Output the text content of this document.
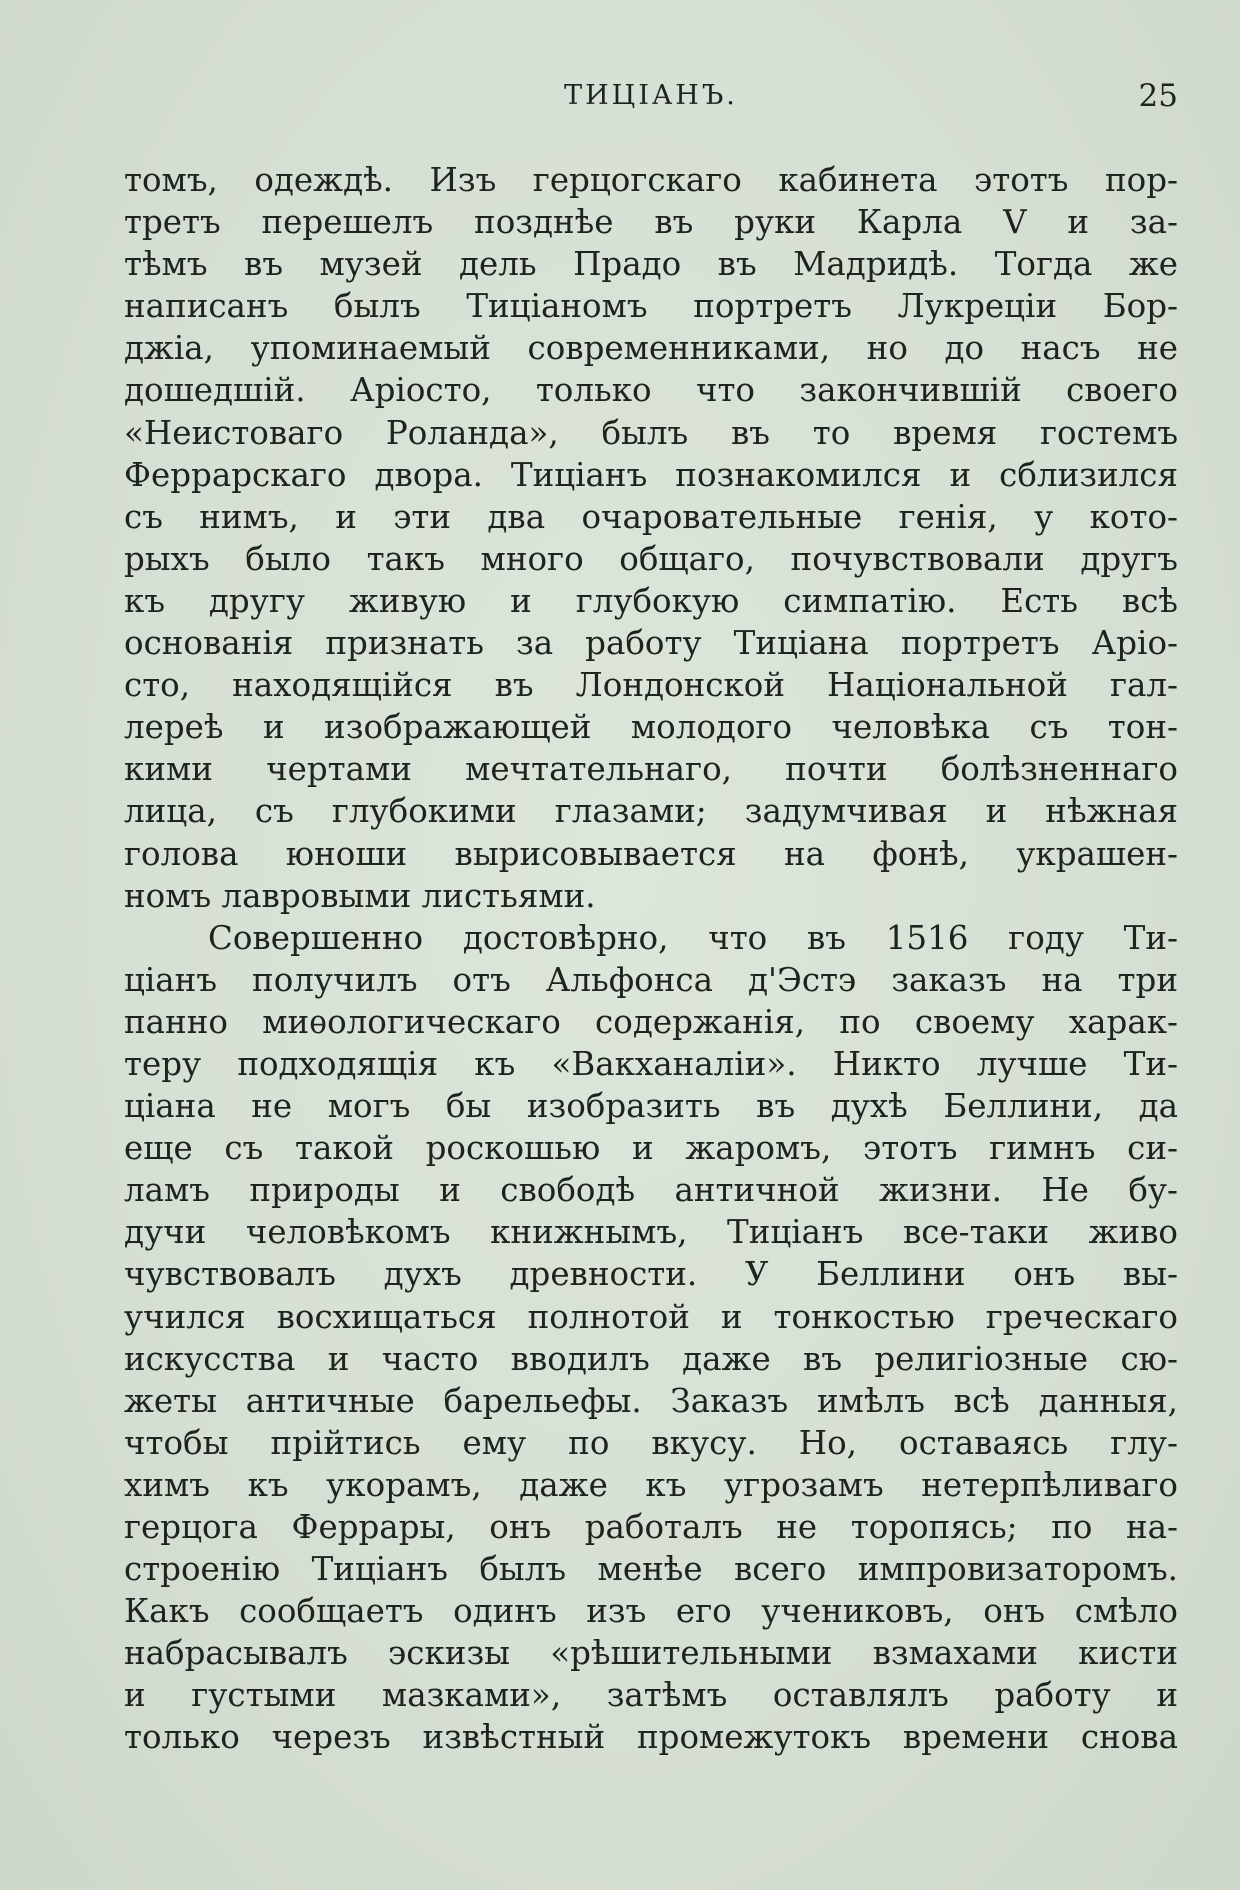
ТИЦІАНЪ.	25
томъ, одеждѣ. Изъ герцогскаго кабинета этотъ пор-
третъ перешелъ позднѣе въ руки Карла V и за-
тѣмъ въ музей дель Прадо въ Мадридѣ. Тогда же
написанъ былъ Тиціаномъ портретъ Лукреціи Бор-
джіа, упоминаемый современниками, но до насъ не
дошедшій. Аріосто, только что закончившій своего
«Неистоваго Роланда», былъ въ то время гостемъ
Феррарскаго двора. Тиціанъ познакомился и сблизился
съ нимъ, и эти два очаровательные генія, у кото-
рыхъ было такъ много общаго, почувствовали другъ
къ другу живую и глубокую симпатію. Есть всѣ
основанія признать за работу Тиціана портретъ Аріо-
сто, находящійся въ Лондонской Національной гал-
лереѣ и изображающей молодого человѣка съ тон-
кими чертами мечтательнаго, почти болѣзненнаго
лица, съ глубокими глазами; задумчивая и нѣжная
голова юноши вырисовывается на фонѣ, украшен-
номъ лавровыми листьями.
Совершенно достовѣрно, что въ 1516 году Ти-
ціанъ получилъ отъ Альфонса д'Эстэ заказъ на три
панно миѳологическаго содержанія, по своему харак-
теру подходящія къ «Вакханаліи». Никто лучше Ти-
ціана не могъ бы изобразить въ духѣ Беллини, да
еще съ такой роскошью и жаромъ, этотъ гимнъ си-
ламъ природы и свободѣ античной жизни. Не бу-
дучи человѣкомъ книжнымъ, Тиціанъ все-таки живо
чувствовалъ духъ древности. У Беллини онъ вы-
учился восхищаться полнотой и тонкостью греческаго
искусства и часто вводилъ даже въ религіозные сю-
жеты античные барельефы. Заказъ имѣлъ всѣ данныя,
чтобы прійтись ему по вкусу. Но, оставаясь глу-
химъ къ укорамъ, даже къ угрозамъ нетерпѣливаго
герцога Феррары, онъ работалъ не торопясь; по на-
строенію Тиціанъ былъ менѣе всего импровизаторомъ.
Какъ сообщаетъ одинъ изъ его учениковъ, онъ смѣло
набрасывалъ эскизы «рѣшительными взмахами кисти
и густыми мазками», затѣмъ оставлялъ работу и
только черезъ извѣстный промежутокъ времени снова
